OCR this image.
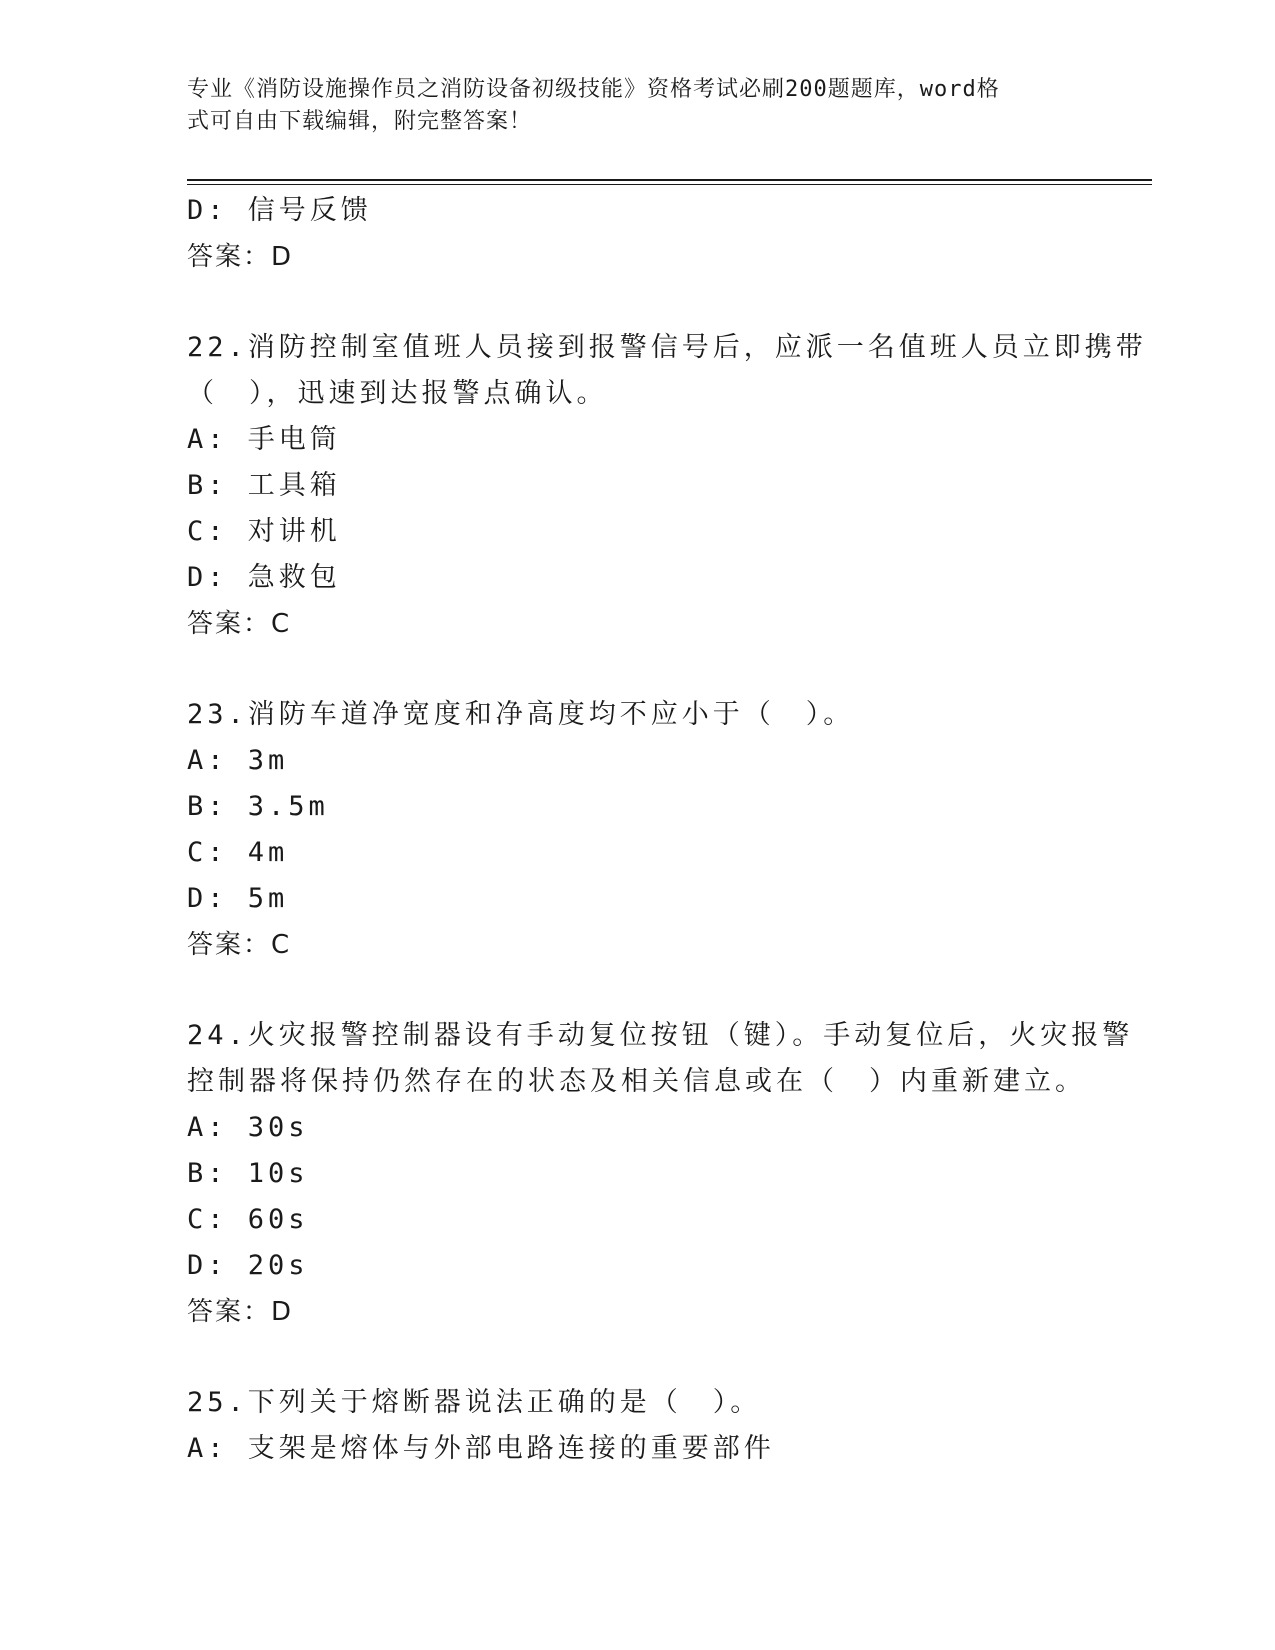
专业《消防设施操作员之消防设备初级技能》资格考试必刷200题题库，word格
式可自由下载编辑，附完整答案！
D: 信号反馈
答案：D
22.消防控制室值班人员接到报警信号后，应派一名值班人员立即携带
（　），迅速到达报警点确认。
A: 手电筒
B: 工具箱
C: 对讲机
D: 急救包
答案：C
23.消防车道净宽度和净高度均不应小于（　）。
A: 3m
B: 3.5m
C: 4m
D: 5m
答案：C
24.火灾报警控制器设有手动复位按钮（键）。手动复位后，火灾报警
控制器将保持仍然存在的状态及相关信息或在（　）内重新建立。
A: 30s
B: 10s
C: 60s
D: 20s
答案：D
25.下列关于熔断器说法正确的是（　）。
A: 支架是熔体与外部电路连接的重要部件
